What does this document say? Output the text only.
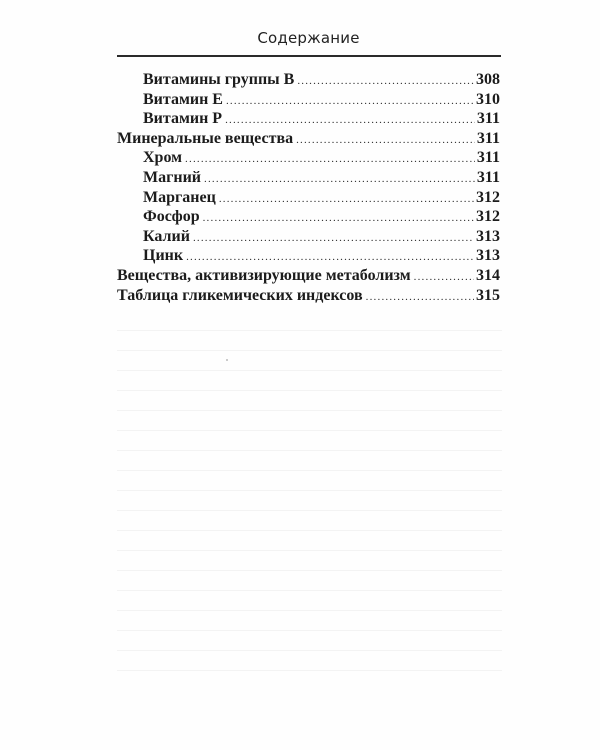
Содержание
Витамины группы В .....	308
Витамин Е .....	310
Витамин Р .....	311
Минеральные вещества .....	311
Хром .....	311
Магний .....	311
Марганец .....	312
Фосфор .....	312
Калий .....	313
Цинк .....	313
Вещества, активизирующие метаболизм .....	314
Таблица гликемических индексов .....	315
